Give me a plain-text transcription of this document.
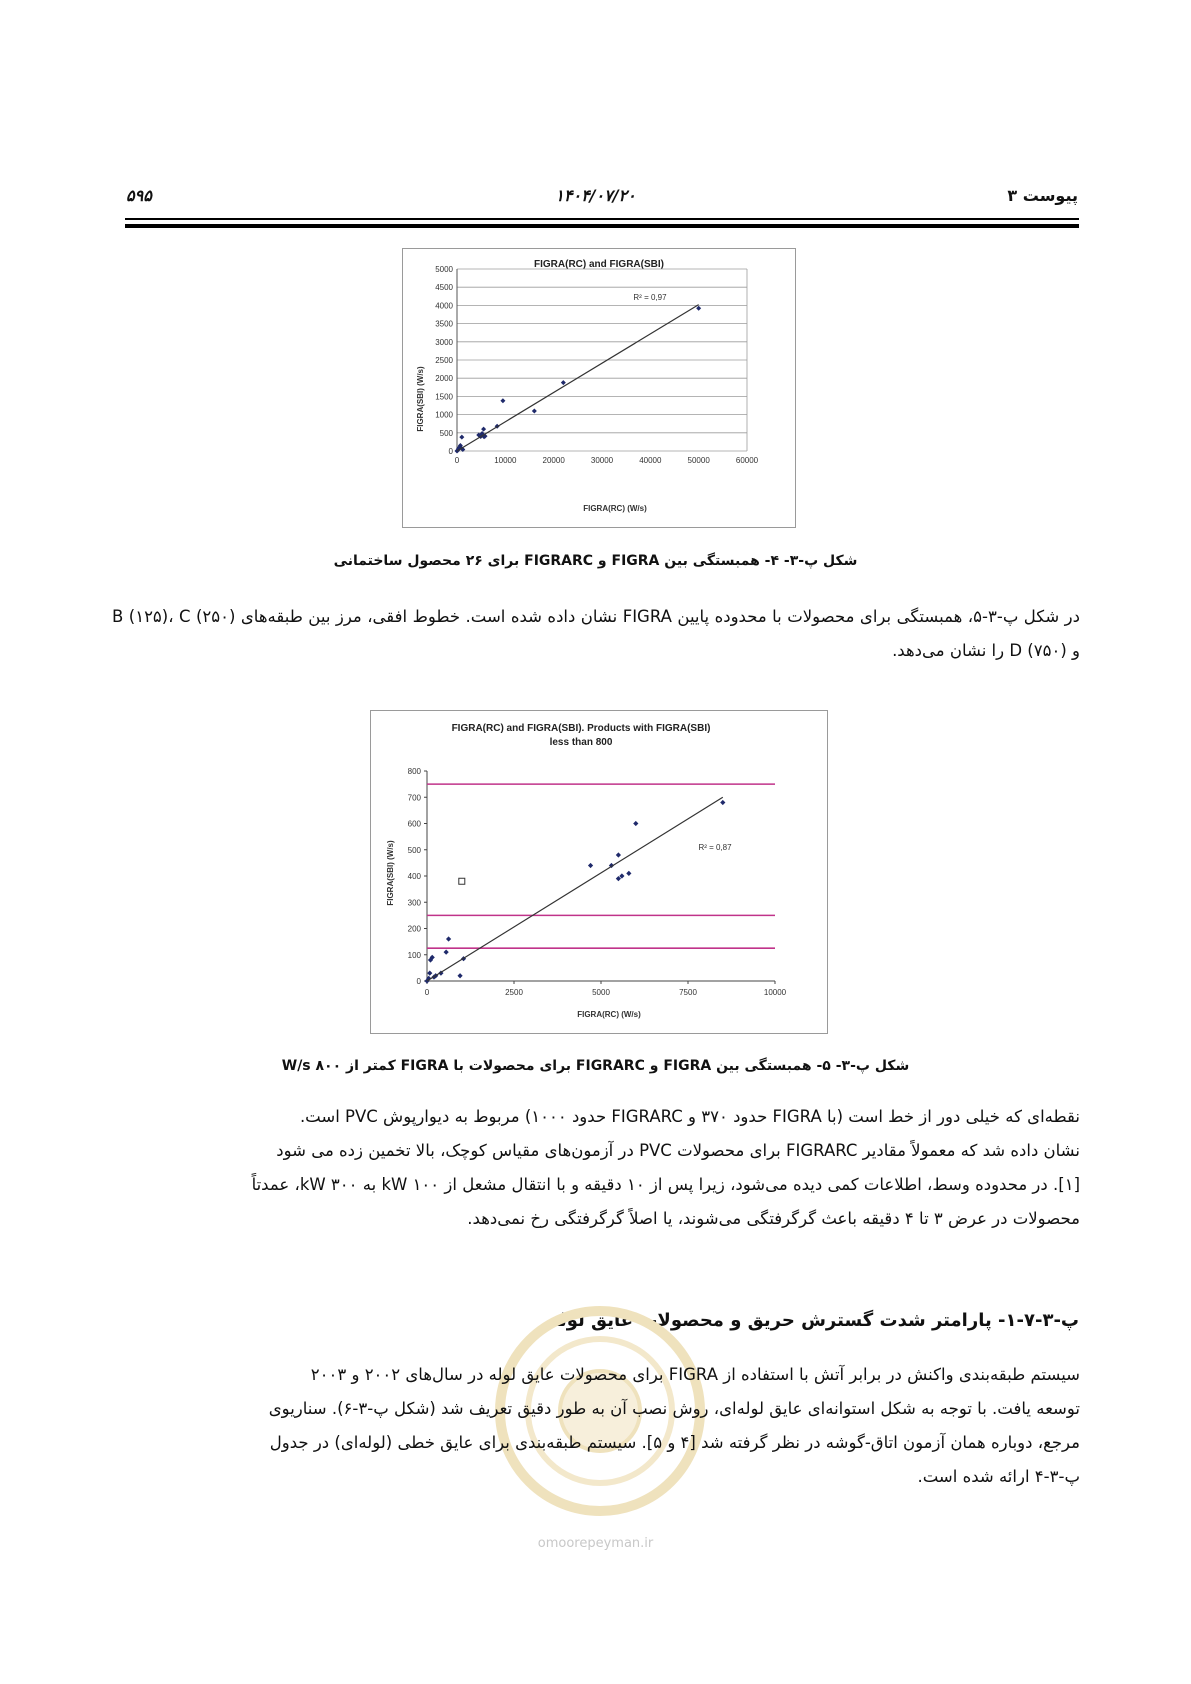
پیوست ۳
۱۴۰۴/۰۷/۲۰
۵۹۵
FIGRA(RC) and FIGRA(SBI)
0
500
1000
1500
2000
2500
3000
3500
4000
4500
5000
0	10000	20000	30000	40000	50000	60000
R² = 0,97
FIGRA(RC) (W/s)
FIGRA(SBI) (W/s)
شکل پ-۳- ۴- همبستگی بین FIGRA و FIGRARC برای ۲۶ محصول ساختمانی

در شکل پ-۳-۵، همبستگی برای محصولات با محدوده پایین FIGRA نشان داده شده است. خطوط افقی، مرز بین طبقه‌های B (۱۲۵)، C (۲۵۰) و D (۷۵۰) را نشان می‌دهد.

FIGRA(RC) and FIGRA(SBI). Products with FIGRA(SBI)
less than 800
0
100
200
300
400
500
600
700
800
0	2500	5000	7500	10000
R² = 0,87
FIGRA(RC) (W/s)
FIGRA(SBI) (W/s)
شکل پ-۳- ۵- همبستگی بین FIGRA و FIGRARC برای محصولات با FIGRA کمتر از W/s ۸۰۰

نقطه‌ای که خیلی دور از خط است (با FIGRA حدود ۳۷۰ و FIGRARC حدود ۱۰۰۰) مربوط به دیوارپوش PVC است.

نشان داده شد که معمولاً مقادیر FIGRARC برای محصولات PVC در آزمون‌های مقیاس کوچک، بالا تخمین زده می شود

[۱]. در محدوده وسط، اطلاعات کمی دیده می‌شود، زیرا پس از ۱۰ دقیقه و با انتقال مشعل از kW ۱۰۰ به kW ۳۰۰، عمدتاً

محصولات در عرض ۳ تا ۴ دقیقه باعث گرگرفتگی می‌شوند، یا اصلاً گرگرفتگی رخ نمی‌دهد.

پ-۳-۷-۱- پارامتر شدت گسترش حریق و محصولات عایق لوله
omoorepeyman.ir

سیستم طبقه‌بندی واکنش در برابر آتش با استفاده از FIGRA برای محصولات عایق لوله در سال‌های ۲۰۰۲ و ۲۰۰۳

توسعه یافت. با توجه به شکل استوانه‌ای عایق لوله‌ای، روش نصب آن به طور دقیق تعریف شد (شکل پ-۳-۶). سناریوی

مرجع، دوباره همان آزمون اتاق-گوشه در نظر گرفته شد [۴ و ۵]. سیستم طبقه‌بندی برای عایق خطی (لوله‌ای) در جدول

پ-۳-۴ ارائه شده است.
